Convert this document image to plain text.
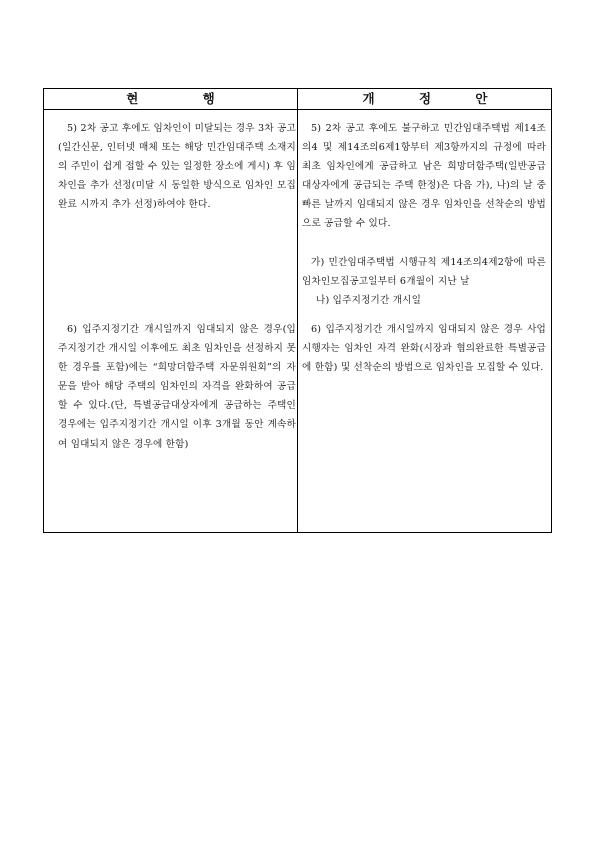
현 행	개 정 안

5) 2차 공고 후에도 임차인이 미달되는 경우 3차 공고(일간신문, 인터넷 매체 또는 해당 민간임대주택 소재지의 주민이 쉽게 접할 수 있는 일정한 장소에 게시) 후 임차인을 추가 선정(미달 시 동일한 방식으로 임차인 모집 완료 시까지 추가 선정)하여야 한다.

6) 입주지정기간 개시일까지 임대되지 않은 경우(입주지정기간 개시일 이후에도 최초 임차인을 선정하지 못한 경우를 포함)에는 “희망더함주택 자문위원회”의 자문을 받아 해당 주택의 임차인의 자격을 완화하여 공급할 수 있다.(단, 특별공급대상자에게 공급하는 주택인 경우에는 입주지정기간 개시일 이후 3개월 동안 계속하여 임대되지 않은 경우에 한함)

5) 2차 공고 후에도 불구하고 민간임대주택법 제14조의4 및 제14조의6제1항부터 제3항까지의 규정에 따라 최초 임차인에게 공급하고 남은 희망더함주택(일반공급 대상자에게 공급되는 주택 한정)은 다음 가), 나)의 날 중 빠른 날까지 임대되지 않은 경우 임차인을 선착순의 방법으로 공급할 수 있다.

가) 민간임대주택법 시행규칙 제14조의4제2항에 따른 임차인모집공고일부터 6개월이 지난 날

나) 입주지정기간 개시일

6) 입주지정기간 개시일까지 임대되지 않은 경우 사업시행자는 임차인 자격 완화(시장과 협의완료한 특별공급에 한함) 및 선착순의 방법으로 임차인을 모집할 수 있다.
